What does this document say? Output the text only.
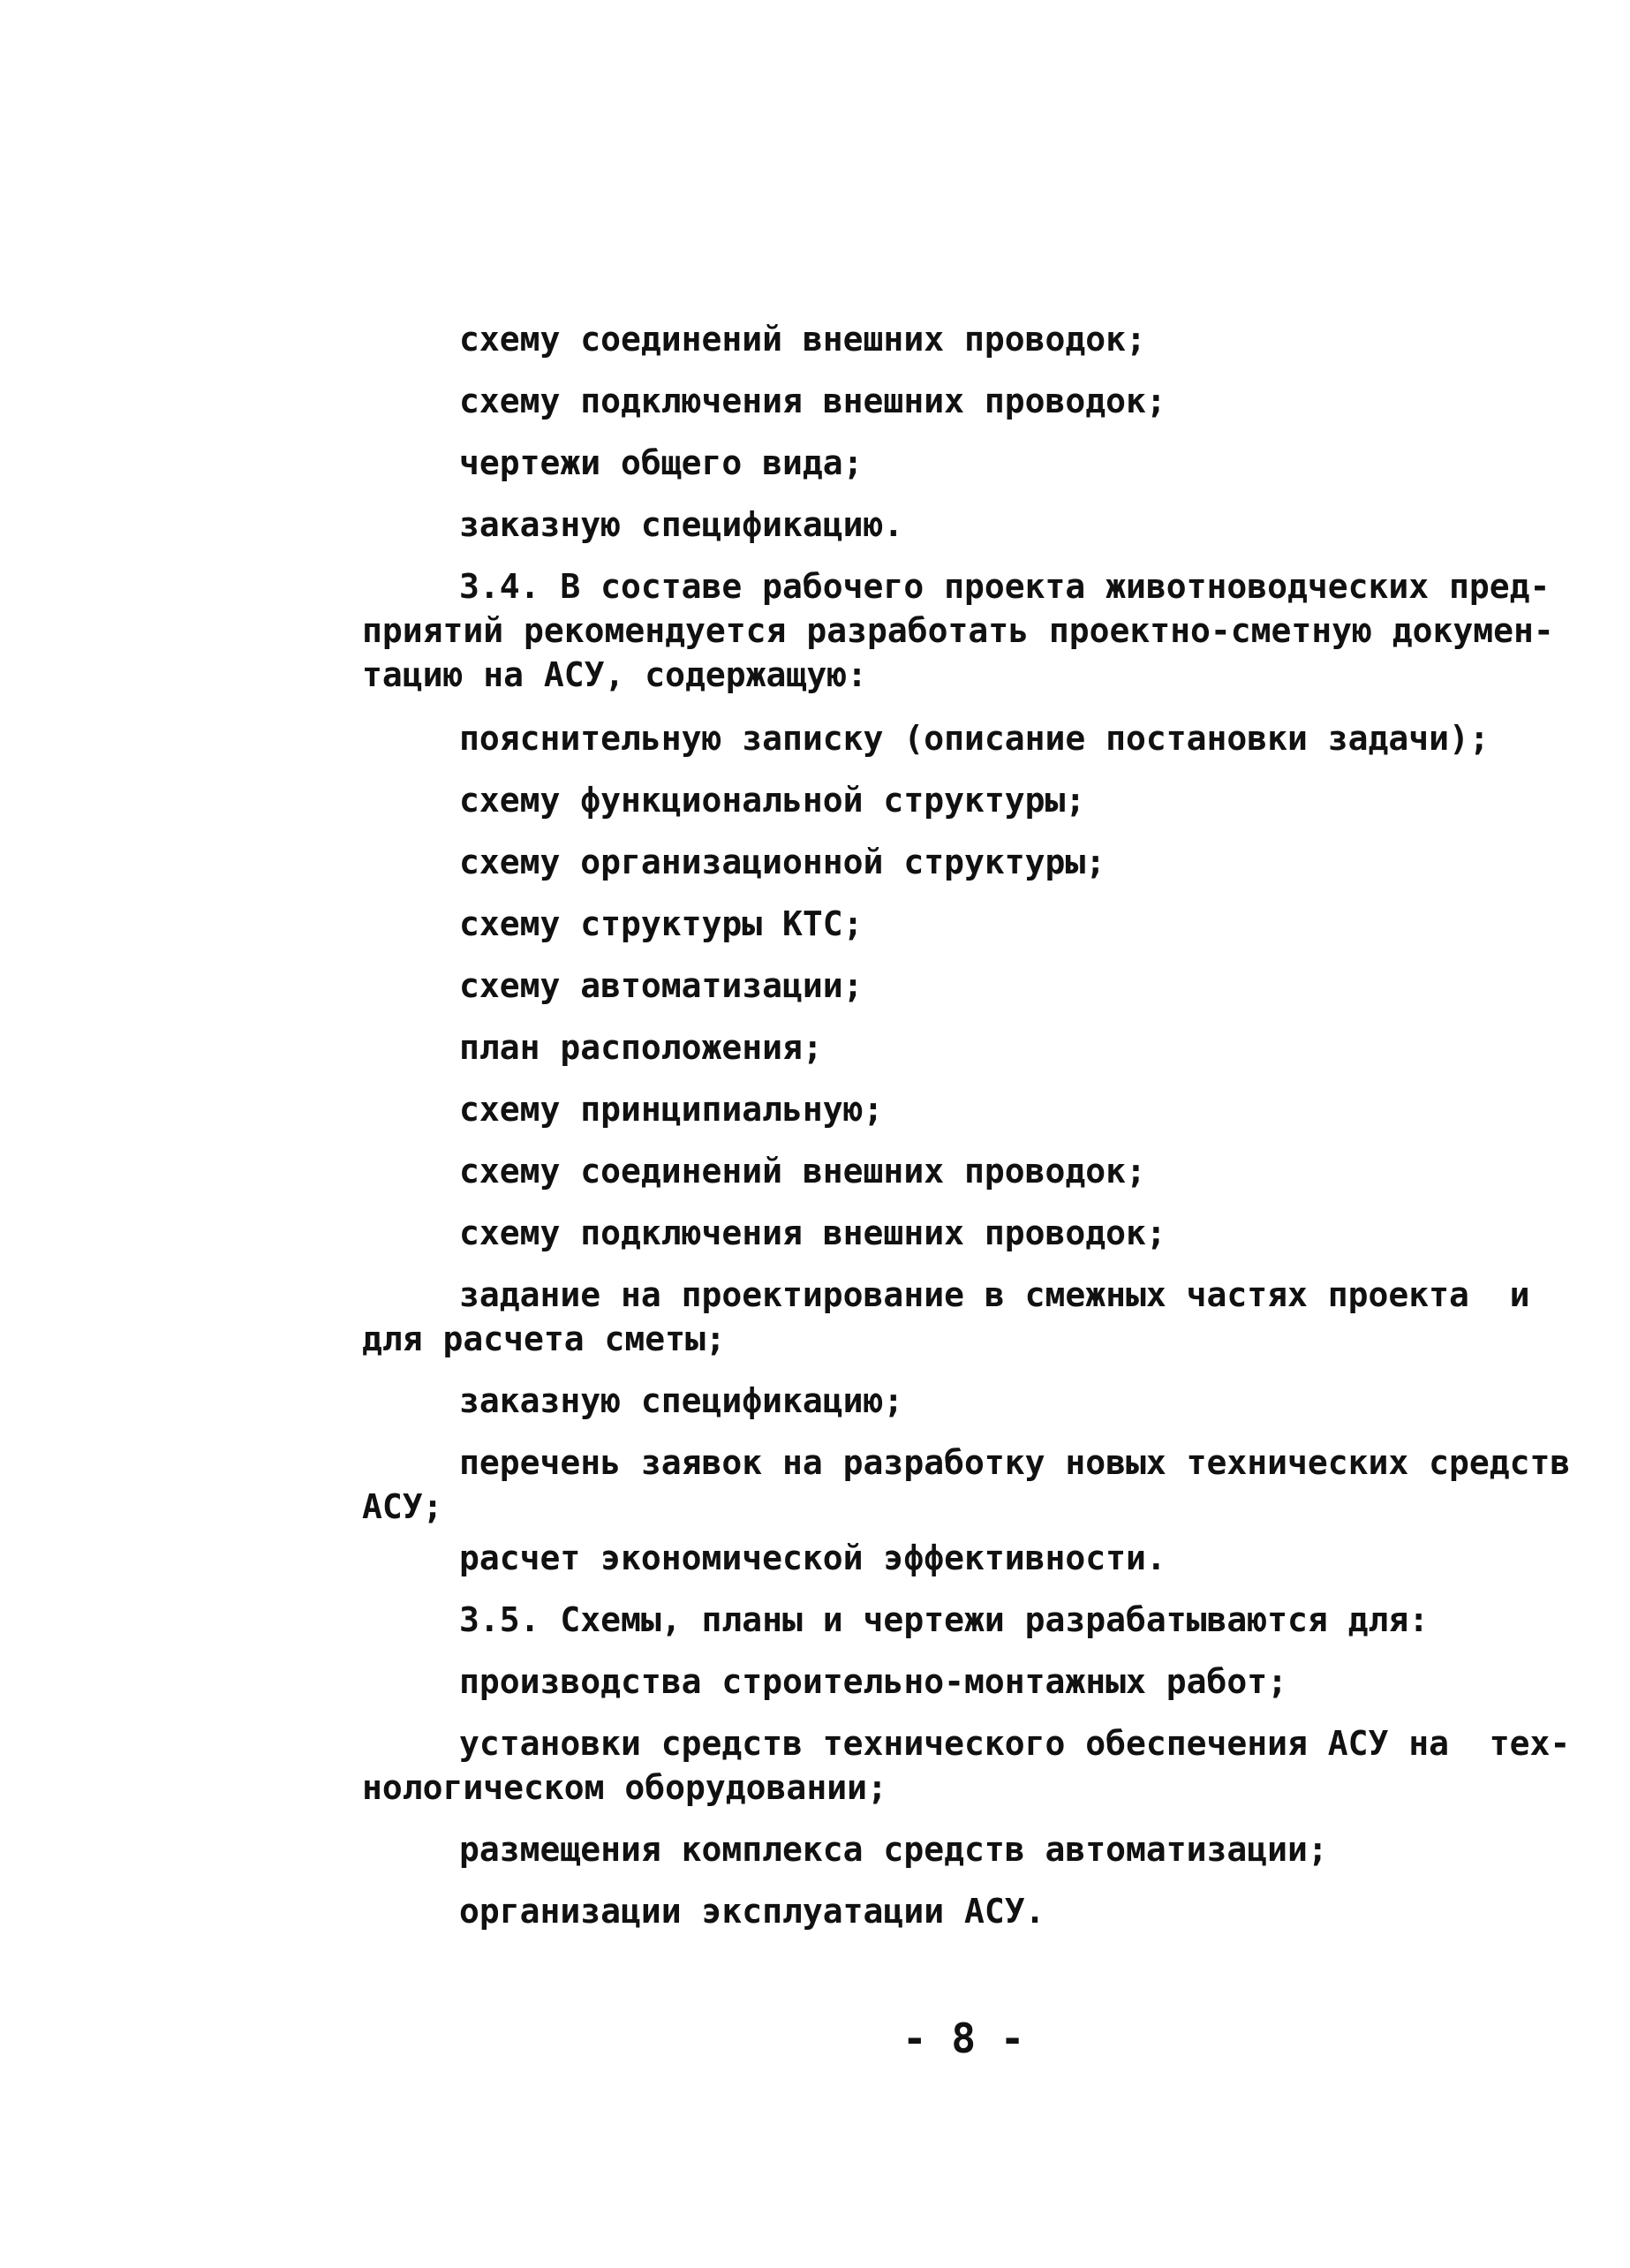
схему соединений внешних проводок;

схему подключения внешних проводок;

чертежи общего вида;

заказную спецификацию.

3.4. В составе рабочего проекта животноводческих пред-

приятий рекомендуется разработать проектно-сметную докумен-

тацию на АСУ, содержащую:

пояснительную записку (описание постановки задачи);

схему функциональной структуры;

схему организационной структуры;

схему структуры КТС;

схему автоматизации;

план расположения;

схему принципиальную;

схему соединений внешних проводок;

схему подключения внешних проводок;

задание на проектирование в смежных частях проекта  и

для расчета сметы;

заказную спецификацию;

перечень заявок на разработку новых технических средств

АСУ;

расчет экономической эффективности.

3.5. Схемы, планы и чертежи разрабатываются для:

производства строительно-монтажных работ;

установки средств технического обеспечения АСУ на  тех-

нологическом оборудовании;

размещения комплекса средств автоматизации;

организации эксплуатации АСУ.

- 8 -
